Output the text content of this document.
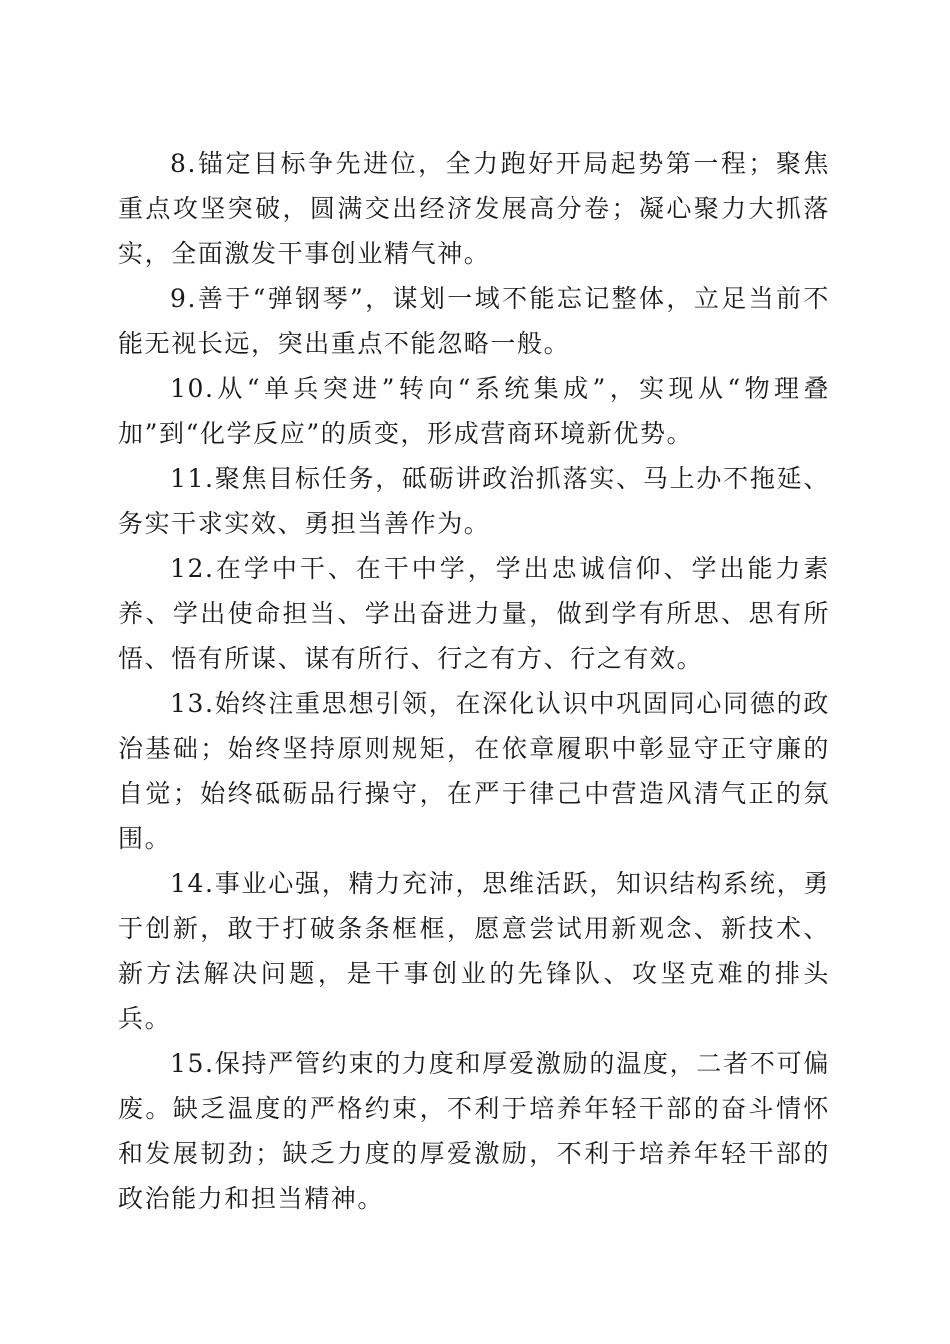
8.锚定目标争先进位，全力跑好开局起势第一程；聚焦重点攻坚突破，圆满交出经济发展高分卷；凝心聚力大抓落实，全面激发干事创业精气神。

9.善于“弹钢琴”，谋划一域不能忘记整体，立足当前不能无视长远，突出重点不能忽略一般。

10.从“单兵突进”转向“系统集成”，实现从“物理叠加”到“化学反应”的质变，形成营商环境新优势。

11.聚焦目标任务，砥砺讲政治抓落实、马上办不拖延、务实干求实效、勇担当善作为。

12.在学中干、在干中学，学出忠诚信仰、学出能力素养、学出使命担当、学出奋进力量，做到学有所思、思有所悟、悟有所谋、谋有所行、行之有方、行之有效。

13.始终注重思想引领，在深化认识中巩固同心同德的政治基础；始终坚持原则规矩，在依章履职中彰显守正守廉的自觉；始终砥砺品行操守，在严于律己中营造风清气正的氛围。

14.事业心强，精力充沛，思维活跃，知识结构系统，勇于创新，敢于打破条条框框，愿意尝试用新观念、新技术、新方法解决问题，是干事创业的先锋队、攻坚克难的排头兵。

15.保持严管约束的力度和厚爱激励的温度，二者不可偏废。缺乏温度的严格约束，不利于培养年轻干部的奋斗情怀和发展韧劲；缺乏力度的厚爱激励，不利于培养年轻干部的政治能力和担当精神。
